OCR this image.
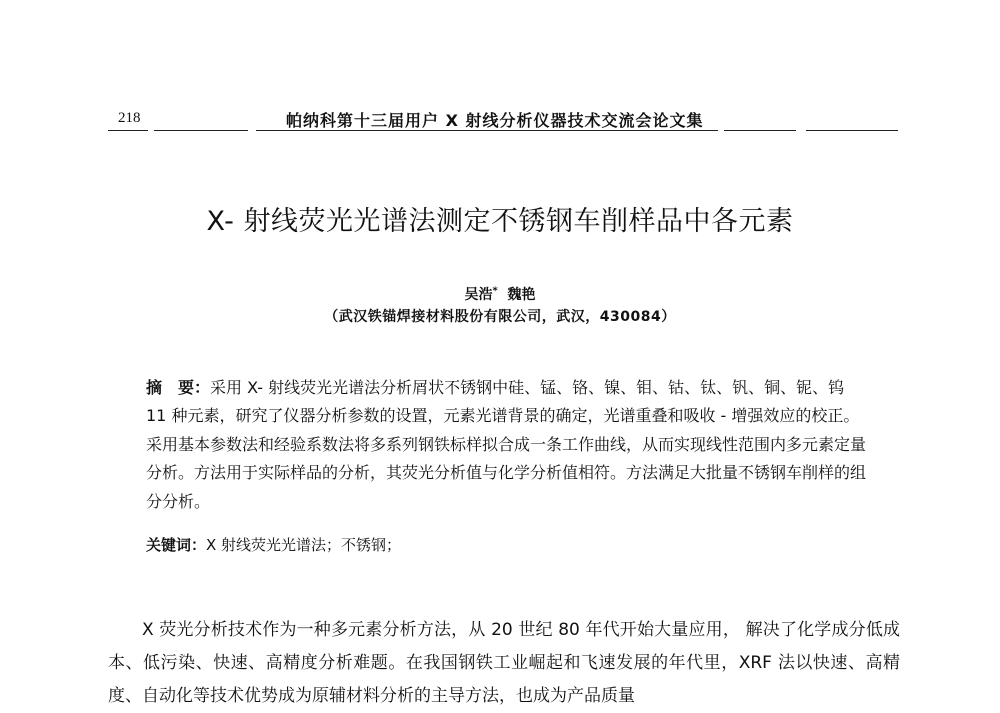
218	帕纳科第十三届用户 X 射线分析仪器技术交流会论文集
X- 射线荧光光谱法测定不锈钢车削样品中各元素
吴浩* 魏艳
（武汉铁锚焊接材料股份有限公司，武汉，430084）
摘　要：采用 X- 射线荧光光谱法分析屑状不锈钢中硅、锰、铬、镍、钼、钴、钛、钒、铜、铌、钨 11 种元素，研究了仪器分析参数的设置，元素光谱背景的确定，光谱重叠和吸收 - 增强效应的校正。采用基本参数法和经验系数法将多系列钢铁标样拟合成一条工作曲线，从而实现线性范围内多元素定量分析。方法用于实际样品的分析，其荧光分析值与化学分析值相符。方法满足大批量不锈钢车削样的组分分析。
关键词：X 射线荧光光谱法；不锈钢；

X 荧光分析技术作为一种多元素分析方法，从 20 世纪 80 年代开始大量应用， 解决了化学成分低成本、低污染、快速、高精度分析难题。在我国钢铁工业崛起和飞速发展的年代里，XRF 法以快速、高精度、自动化等技术优势成为原辅材料分析的主导方法，也成为产品质量
